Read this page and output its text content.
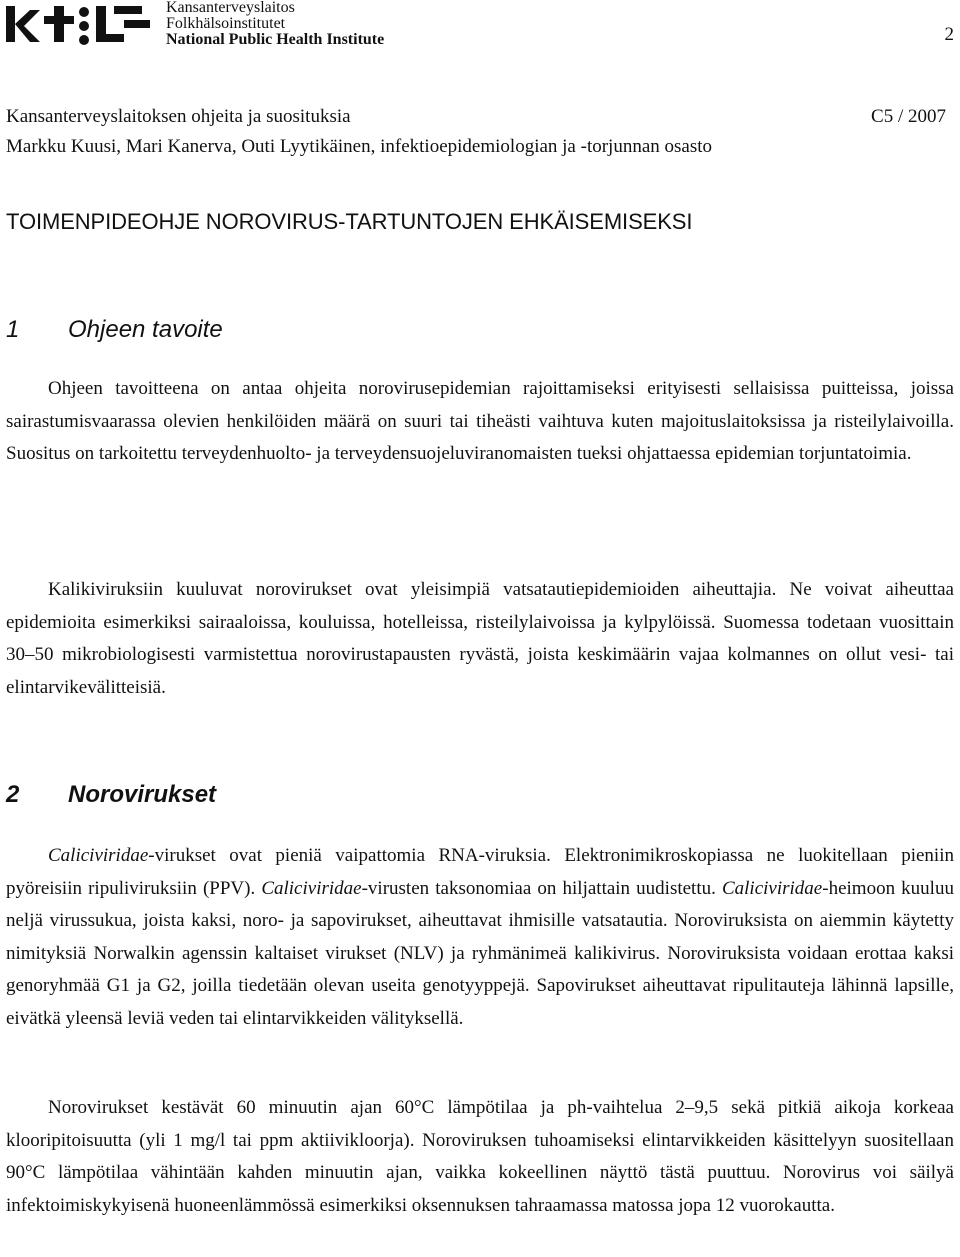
Kansanterveyslaitos
Folkhälsoinstitutet
National Public Health Institute	2
Kansanterveyslaitoksen ohjeita ja suosituksia	C5 / 2007
Markku Kuusi, Mari Kanerva, Outi Lyytikäinen, infektioepidemiologian ja -torjunnan osasto
TOIMENPIDEOHJE NOROVIRUS-TARTUNTOJEN EHKÄISEMISEKSI
1 Ohjeen tavoite

Ohjeen tavoitteena on antaa ohjeita norovirusepidemian rajoittamiseksi erityisesti sellaisissa puitteissa, joissa sairastumisvaarassa olevien henkilöiden määrä on suuri tai tiheästi vaihtuva kuten majoituslaitoksissa ja risteilylaivoilla. Suositus on tarkoitettu terveydenhuolto- ja terveydensuojeluviranomaisten tueksi ohjattaessa epidemian torjuntatoimia.

Kalikiviruksiin kuuluvat norovirukset ovat yleisimpiä vatsatautiepidemioiden aiheuttajia. Ne voivat aiheuttaa epidemioita esimerkiksi sairaaloissa, kouluissa, hotelleissa, risteilylaivoissa ja kylpylöissä. Suomessa todetaan vuosittain 30–50 mikrobiologisesti varmistettua norovirustapausten ryvästä, joista keskimäärin vajaa kolmannes on ollut vesi- tai elintarvikevälitteisiä.

2 Norovirukset

Caliciviridae-virukset ovat pieniä vaipattomia RNA-viruksia. Elektronimikroskopiassa ne luokitellaan pieniin pyöreisiin ripuliviruksiin (PPV). Caliciviridae-virusten taksonomiaa on hiljattain uudistettu. Caliciviridae-heimoon kuuluu neljä virussukua, joista kaksi, noro- ja sapovirukset, aiheuttavat ihmisille vatsatautia. Noroviruksista on aiemmin käytetty nimityksiä Norwalkin agenssin kaltaiset virukset (NLV) ja ryhmänimeä kalikivirus. Noroviruksista voidaan erottaa kaksi genoryhmää G1 ja G2, joilla tiedetään olevan useita genotyyppejä. Sapovirukset aiheuttavat ripulitauteja lähinnä lapsille, eivätkä yleensä leviä veden tai elintarvikkeiden välityksellä.

Norovirukset kestävät 60 minuutin ajan 60°C lämpötilaa ja ph-vaihtelua 2–9,5 sekä pitkiä aikoja korkeaa klooripitoisuutta (yli 1 mg/l tai ppm aktiivikloorja). Noroviruksen tuhoamiseksi elintarvikkeiden käsittelyyn suositellaan 90°C lämpötilaa vähintään kahden minuutin ajan, vaikka kokeellinen näyttö tästä puuttuu. Norovirus voi säilyä infektoimiskykyisenä huoneenlämmössä esimerkiksi oksennuksen tahraamassa matossa jopa 12 vuorokautta.
